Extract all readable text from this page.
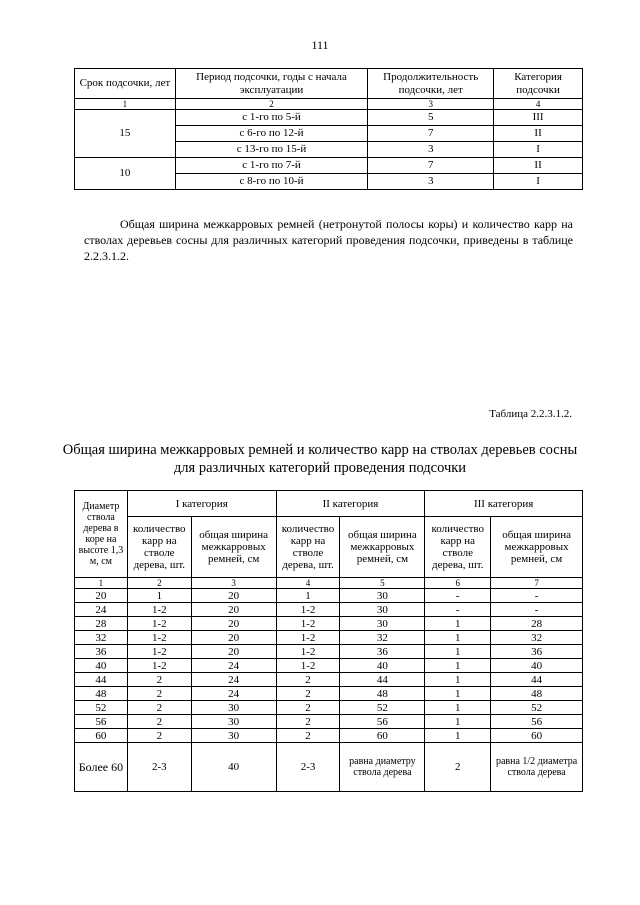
111
Срок подсочки, лет	Период подсочки, годы с начала эксплуатации	Продолжительность подсочки, лет	Категория подсочки
1	2	3	4
15	с 1-го по 5-й	5	III
	с 6-го по 12-й	7	II
	с 13-го по 15-й	3	I
10	с 1-го по 7-й	7	II
	с 8-го по 10-й	3	I
Общая ширина межкарровых ремней (нетронутой полосы коры) и количество карр на стволах деревьев сосны для различных категорий проведения подсочки, приведены в таблице 2.2.3.1.2.
Таблица 2.2.3.1.2.
Общая ширина межкарровых ремней и количество карр на стволах деревьев сосны для различных категорий проведения подсочки
Диаметр ствола дерева в коре на высоте 1,3 м, см	I категория		II категория		III категория	
	количество карр на стволе дерева, шт.	общая ширина межкарровых ремней, см	количество карр на стволе дерева, шт.	общая ширина межкарровых ремней, см	количество карр на стволе дерева, шт.	общая ширина межкарровых ремней, см
1	2	3	4	5	6	7
20	1	20	1	30	-	-
24	1-2	20	1-2	30	-	-
28	1-2	20	1-2	30	1	28
32	1-2	20	1-2	32	1	32
36	1-2	20	1-2	36	1	36
40	1-2	24	1-2	40	1	40
44	2	24	2	44	1	44
48	2	24	2	48	1	48
52	2	30	2	52	1	52
56	2	30	2	56	1	56
60	2	30	2	60	1	60
Более 60	2-3	40	2-3	равна диаметру ствола дерева	2	равна 1/2 диаметра ствола дерева
